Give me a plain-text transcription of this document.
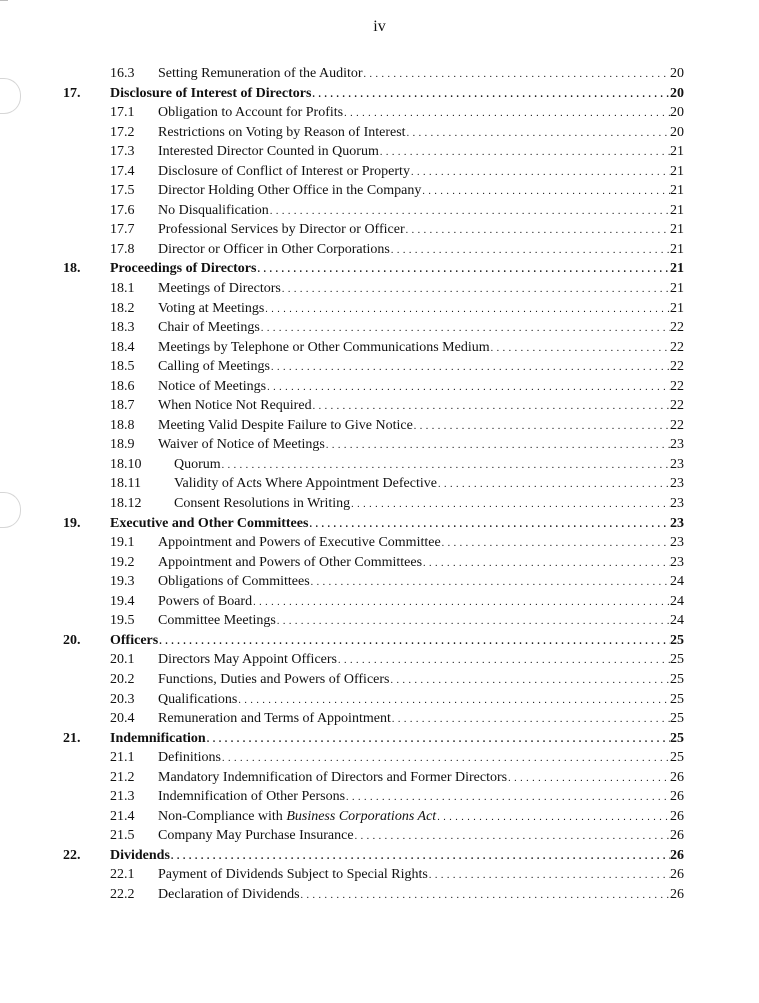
iv
16.3 Setting Remuneration of the Auditor . . .	20
17. Disclosure of Interest of Directors . . .	20
17.1 Obligation to Account for Profits . . .	20
17.2 Restrictions on Voting by Reason of Interest . . .	20
17.3 Interested Director Counted in Quorum . . .	21
17.4 Disclosure of Conflict of Interest or Property . . .	21
17.5 Director Holding Other Office in the Company . . .	21
17.6 No Disqualification . . .	21
17.7 Professional Services by Director or Officer . . .	21
17.8 Director or Officer in Other Corporations . . .	21
18. Proceedings of Directors . . .	21
18.1 Meetings of Directors . . .	21
18.2 Voting at Meetings . . .	21
18.3 Chair of Meetings . . .	22
18.4 Meetings by Telephone or Other Communications Medium . . .	22
18.5 Calling of Meetings . . .	22
18.6 Notice of Meetings . . .	22
18.7 When Notice Not Required . . .	22
18.8 Meeting Valid Despite Failure to Give Notice . . .	22
18.9 Waiver of Notice of Meetings . . .	23
18.10 Quorum . . .	23
18.11 Validity of Acts Where Appointment Defective . . .	23
18.12 Consent Resolutions in Writing . . .	23
19. Executive and Other Committees . . .	23
19.1 Appointment and Powers of Executive Committee . . .	23
19.2 Appointment and Powers of Other Committees . . .	23
19.3 Obligations of Committees . . .	24
19.4 Powers of Board . . .	24
19.5 Committee Meetings . . .	24
20. Officers . . .	25
20.1 Directors May Appoint Officers . . .	25
20.2 Functions, Duties and Powers of Officers . . .	25
20.3 Qualifications . . .	25
20.4 Remuneration and Terms of Appointment . . .	25
21. Indemnification . . .	25
21.1 Definitions . . .	25
21.2 Mandatory Indemnification of Directors and Former Directors . . .	26
21.3 Indemnification of Other Persons . . .	26
21.4 Non-Compliance with Business Corporations Act . . .	26
21.5 Company May Purchase Insurance . . .	26
22. Dividends . . .	26
22.1 Payment of Dividends Subject to Special Rights . . .	26
22.2 Declaration of Dividends . . .	26
